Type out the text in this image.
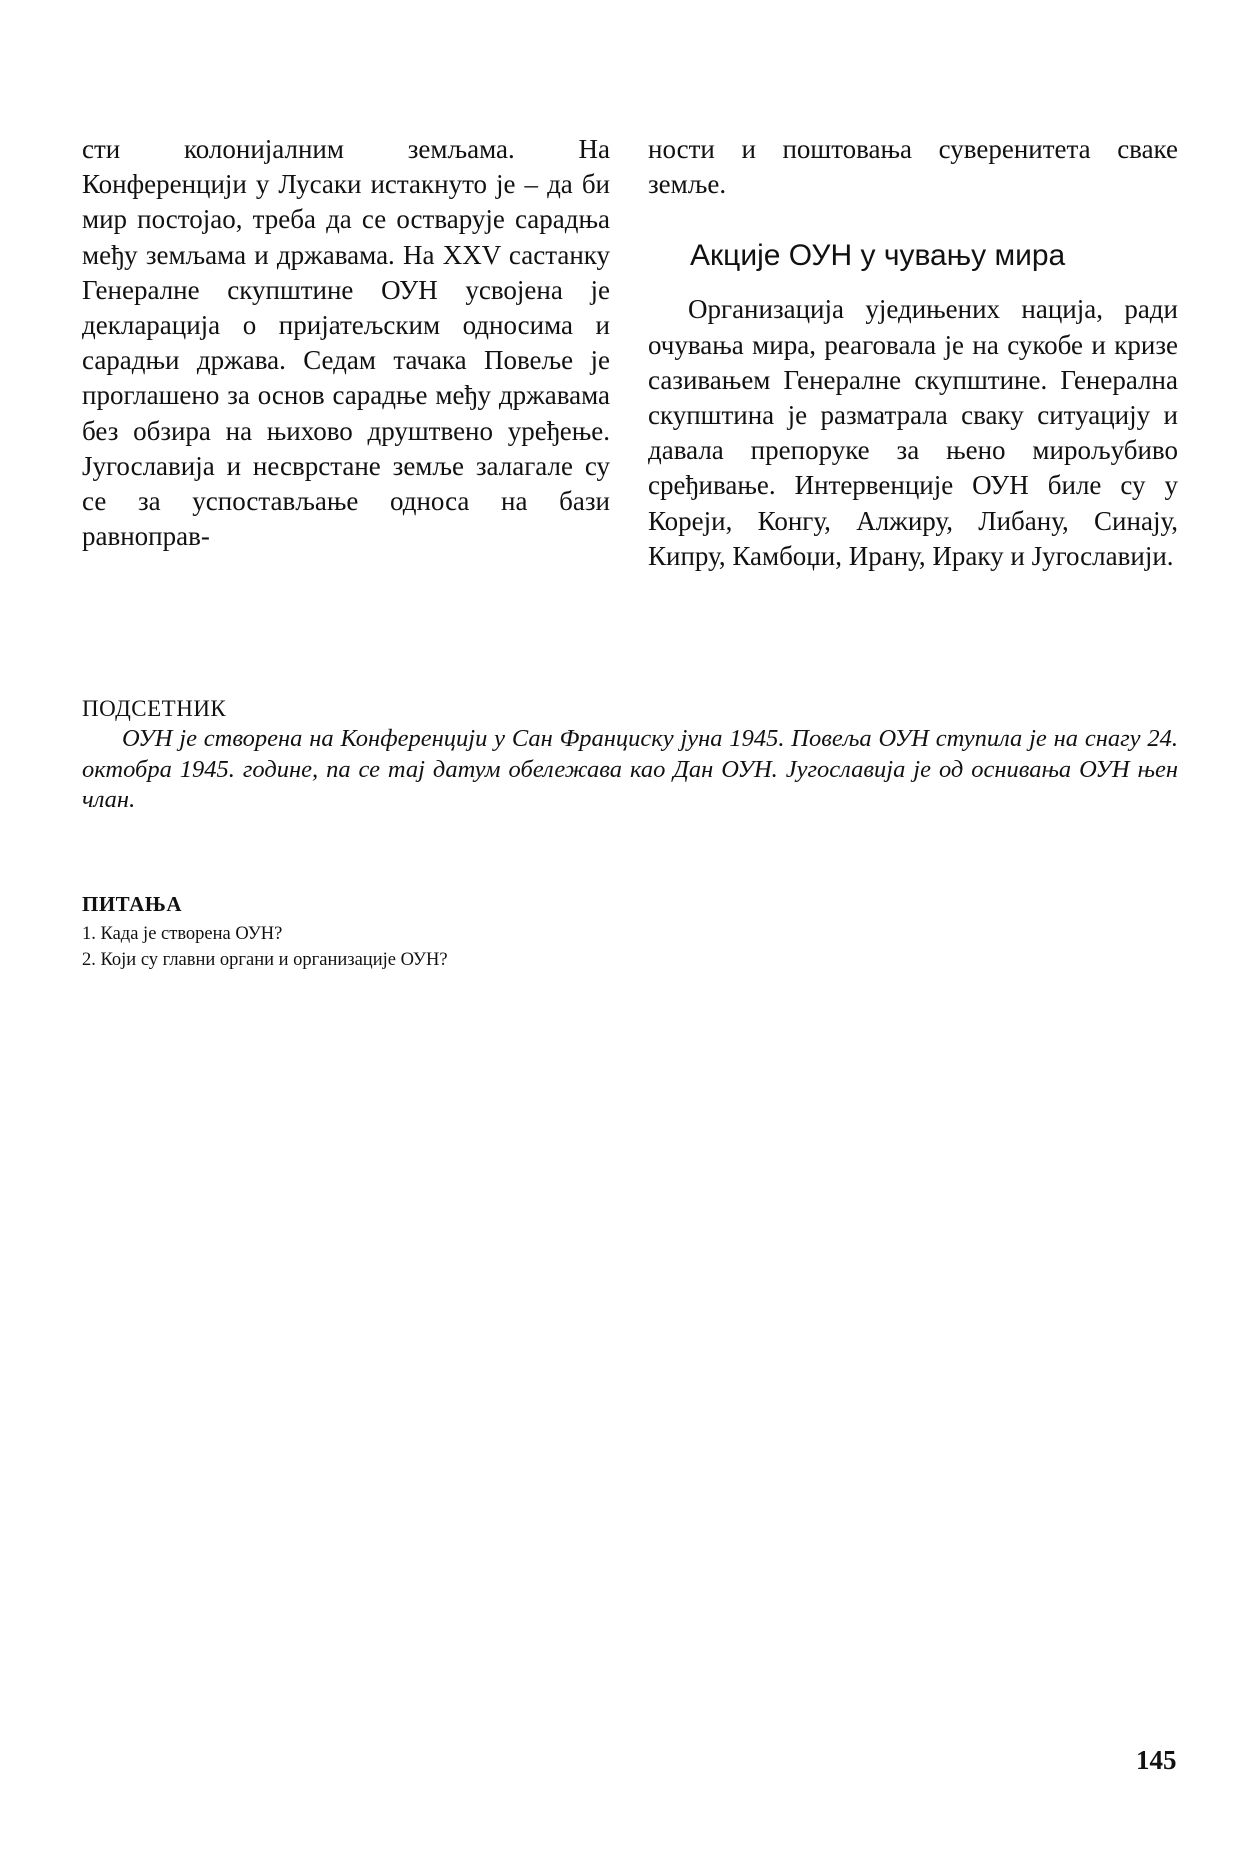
сти колонијалним земљама. На Конференцији у Лусаки истакнуто је – да би мир постојао, треба да се остварује сарадња међу земљама и државама. На XXV састанку Генералне скупштине ОУН усвојена је декларација о пријатељским односима и сарадњи држава. Седам тачака Повеље је проглашено за основ сарадње међу државама без обзира на њихово друштвено уређење. Југославија и несврстане земље залагале су се за успостављање односа на бази равноправ-

ности и поштовања суверенитета сваке земље.

Акције ОУН у чувању мира

Организација уједињених нација, ради очувања мира, реаговала је на сукобе и кризе сазивањем Генералне скупштине. Генерална скупштина је разматрала сваку ситуацију и давала препоруке за њено мирољубиво сређивање. Интервенције ОУН биле су у Кореји, Конгу, Алжиру, Либану, Синају, Кипру, Камбоџи, Ирану, Ираку и Југославији.

ПОДСЕТНИК

ОУН је створена на Конференцији у Сан Франциску јуна 1945. Повеља ОУН ступила је на снагу 24. октобра 1945. године, па се тај датум обележава као Дан ОУН. Југославија је од оснивања ОУН њен члан.

ПИТАЊА
1. Када је створена ОУН?
2. Који су главни органи и организације ОУН?
145
